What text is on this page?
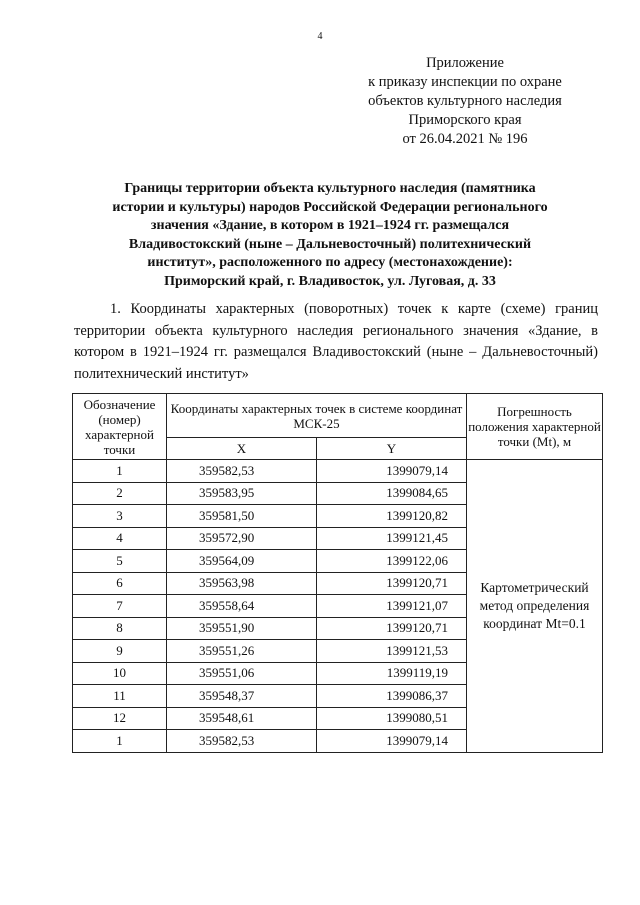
4
Приложение
к приказу инспекции по охране
объектов культурного наследия
Приморского края
от 26.04.2021 № 196
Границы территории объекта культурного наследия (памятника
истории и культуры) народов Российской Федерации регионального
значения «Здание, в котором в 1921–1924 гг. размещался
Владивостокский (ныне – Дальневосточный) политехнический
институт», расположенного по адресу (местонахождение):
Приморский край, г. Владивосток, ул. Луговая, д. 33
1. Координаты характерных (поворотных) точек к карте (схеме) границ территории объекта культурного наследия регионального значения «Здание, в котором в 1921–1924 гг. размещался Владивостокский (ныне – Дальневосточный) политехнический институт»
Обозначение (номер) характерной точки	Координаты характерных точек в системе координат МСК-25		Погрешность положения характерной точки (Mt), м
	X	Y	
1	359582,53	1399079,14	Картометрический метод определения координат Mt=0.1
2	359583,95	1399084,65	
3	359581,50	1399120,82	
4	359572,90	1399121,45	
5	359564,09	1399122,06	
6	359563,98	1399120,71	
7	359558,64	1399121,07	
8	359551,90	1399120,71	
9	359551,26	1399121,53	
10	359551,06	1399119,19	
11	359548,37	1399086,37	
12	359548,61	1399080,51	
1	359582,53	1399079,14	
